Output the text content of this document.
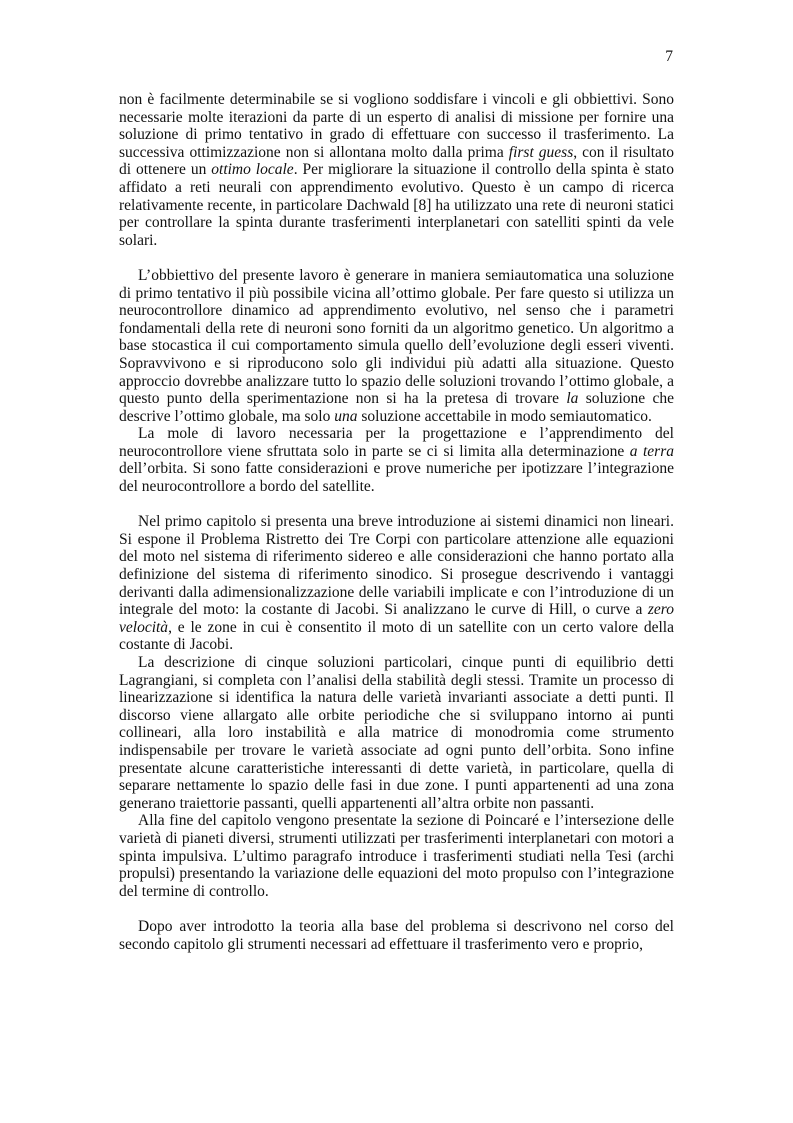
7

non è facilmente determinabile se si vogliono soddisfare i vincoli e gli obbiettivi. Sono necessarie molte iterazioni da parte di un esperto di analisi di missione per fornire una soluzione di primo tentativo in grado di effettuare con successo il trasferimento. La successiva ottimizzazione non si allontana molto dalla prima first guess, con il risultato di ottenere un ottimo locale. Per migliorare la situazione il controllo della spinta è stato affidato a reti neurali con apprendimento evolutivo. Questo è un campo di ricerca relativamente recente, in particolare Dachwald [8] ha utilizzato una rete di neuroni statici per controllare la spinta durante trasferimenti interplanetari con satelliti spinti da vele solari.

L’obbiettivo del presente lavoro è generare in maniera semiautomatica una soluzione di primo tentativo il più possibile vicina all’ottimo globale. Per fare questo si utilizza un neurocontrollore dinamico ad apprendimento evolutivo, nel senso che i parametri fondamentali della rete di neuroni sono forniti da un algoritmo genetico. Un algoritmo a base stocastica il cui comportamento simula quello dell’evoluzione degli esseri viventi. Sopravvivono e si riproducono solo gli individui più adatti alla situazione. Questo approccio dovrebbe analizzare tutto lo spazio delle soluzioni trovando l’ottimo globale, a questo punto della sperimentazione non si ha la pretesa di trovare la soluzione che descrive l’ottimo globale, ma solo una soluzione accettabile in modo semiautomatico.

La mole di lavoro necessaria per la progettazione e l’apprendimento del neurocontrollore viene sfruttata solo in parte se ci si limita alla determinazione a terra dell’orbita. Si sono fatte considerazioni e prove numeriche per ipotizzare l’integrazione del neurocontrollore a bordo del satellite.

Nel primo capitolo si presenta una breve introduzione ai sistemi dinamici non lineari. Si espone il Problema Ristretto dei Tre Corpi con particolare attenzione alle equazioni del moto nel sistema di riferimento sidereo e alle considerazioni che hanno portato alla definizione del sistema di riferimento sinodico. Si prosegue descrivendo i vantaggi derivanti dalla adimensionalizzazione delle variabili implicate e con l’introduzione di un integrale del moto: la costante di Jacobi. Si analizzano le curve di Hill, o curve a zero velocità, e le zone in cui è consentito il moto di un satellite con un certo valore della costante di Jacobi.

La descrizione di cinque soluzioni particolari, cinque punti di equilibrio detti Lagrangiani, si completa con l’analisi della stabilità degli stessi. Tramite un processo di linearizzazione si identifica la natura delle varietà invarianti associate a detti punti. Il discorso viene allargato alle orbite periodiche che si sviluppano intorno ai punti collineari, alla loro instabilità e alla matrice di monodromia come strumento indispensabile per trovare le varietà associate ad ogni punto dell’orbita. Sono infine presentate alcune caratteristiche interessanti di dette varietà, in particolare, quella di separare nettamente lo spazio delle fasi in due zone. I punti appartenenti ad una zona generano traiettorie passanti, quelli appartenenti all’altra orbite non passanti.

Alla fine del capitolo vengono presentate la sezione di Poincaré e l’intersezione delle varietà di pianeti diversi, strumenti utilizzati per trasferimenti interplanetari con motori a spinta impulsiva. L’ultimo paragrafo introduce i trasferimenti studiati nella Tesi (archi propulsi) presentando la variazione delle equazioni del moto propulso con l’integrazione del termine di controllo.

Dopo aver introdotto la teoria alla base del problema si descrivono nel corso del secondo capitolo gli strumenti necessari ad effettuare il trasferimento vero e proprio,
